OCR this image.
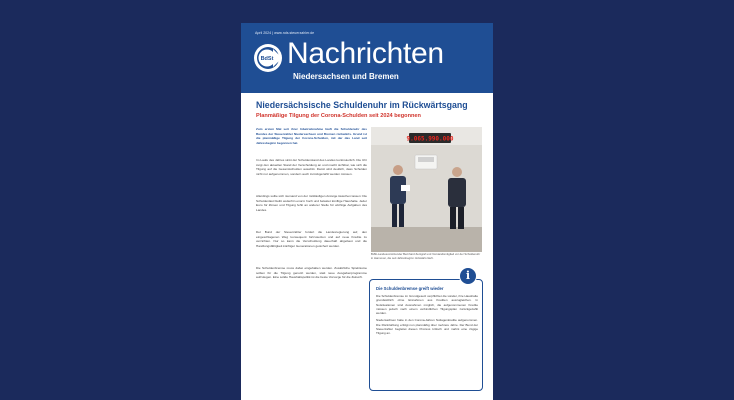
April 2024 | www.nds.steuerzahler.de
BdSt Nachrichten
Niedersachsen und Bremen
Niedersächsische Schuldenuhr im Rückwärtsgang
Planmäßige Tilgung der Corona-Schulden seit 2024 begonnen

Zum ersten Mal seit ihrer Inbetriebnahme läuft die Schuldenuhr des Bundes der Steuerzahler Niedersachsen und Bremen rückwärts. Grund ist die planmäßige Tilgung der Corona-Schulden, mit der das Land seit Jahresbeginn begonnen hat.

Im Laufe des Jahres sinkt der Schuldenstand des Landes kontinuierlich. Die Uhr zeigt den aktuellen Stand der Verschuldung an und macht sichtbar, wie sich die Tilgung auf die Gesamtschulden auswirkt. Damit wird deutlich, dass Schulden nicht nur aufgenommen, sondern auch zurückgezahlt werden müssen.

Allerdings sollte sich niemand von der rückläufigen Anzeige täuschen lassen: Die Schuldenlast bleibt weiterhin enorm hoch und belastet künftige Haushalte. Jeder Euro für Zinsen und Tilgung fehlt an anderer Stelle für wichtige Aufgaben des Landes.

Der Bund der Steuerzahler fordert die Landesregierung auf, den eingeschlagenen Weg konsequent fortzusetzen und auf neue Kredite zu verzichten. Nur so kann die Verschuldung dauerhaft abgebaut und die Handlungsfähigkeit künftiger Generationen gesichert werden.

Die Schuldenbremse muss dabei eingehalten werden. Zusätzliche Spielräume sollten für die Tilgung genutzt werden, statt neue Ausgabenprogramme aufzulegen. Eine solide Haushaltspolitik ist die beste Vorsorge für die Zukunft.

9.065.990.000
BdSt-Landesvorsitzender Bernhard Zentgraf und Vorstandsmitglied vor der Schuldenuhr in Hannover, die seit Jahresbeginn rückwärts läuft.
Die Schuldenbremse greift wieder

Die Schuldenbremse im Grundgesetz verpflichtet die Länder, ihre Haushalte grundsätzlich ohne Einnahmen aus Krediten auszugleichen. In Notsituationen sind Ausnahmen möglich, die aufgenommenen Kredite müssen jedoch nach einem verbindlichen Tilgungsplan zurückgezahlt werden.

Niedersachsen hatte in den Corona-Jahren Notlagenkredite aufgenommen. Die Rückzahlung erfolgt nun planmäßig über mehrere Jahre. Der Bund der Steuerzahler begleitet diesen Prozess kritisch und mahnt eine zügige Tilgung an.

i
